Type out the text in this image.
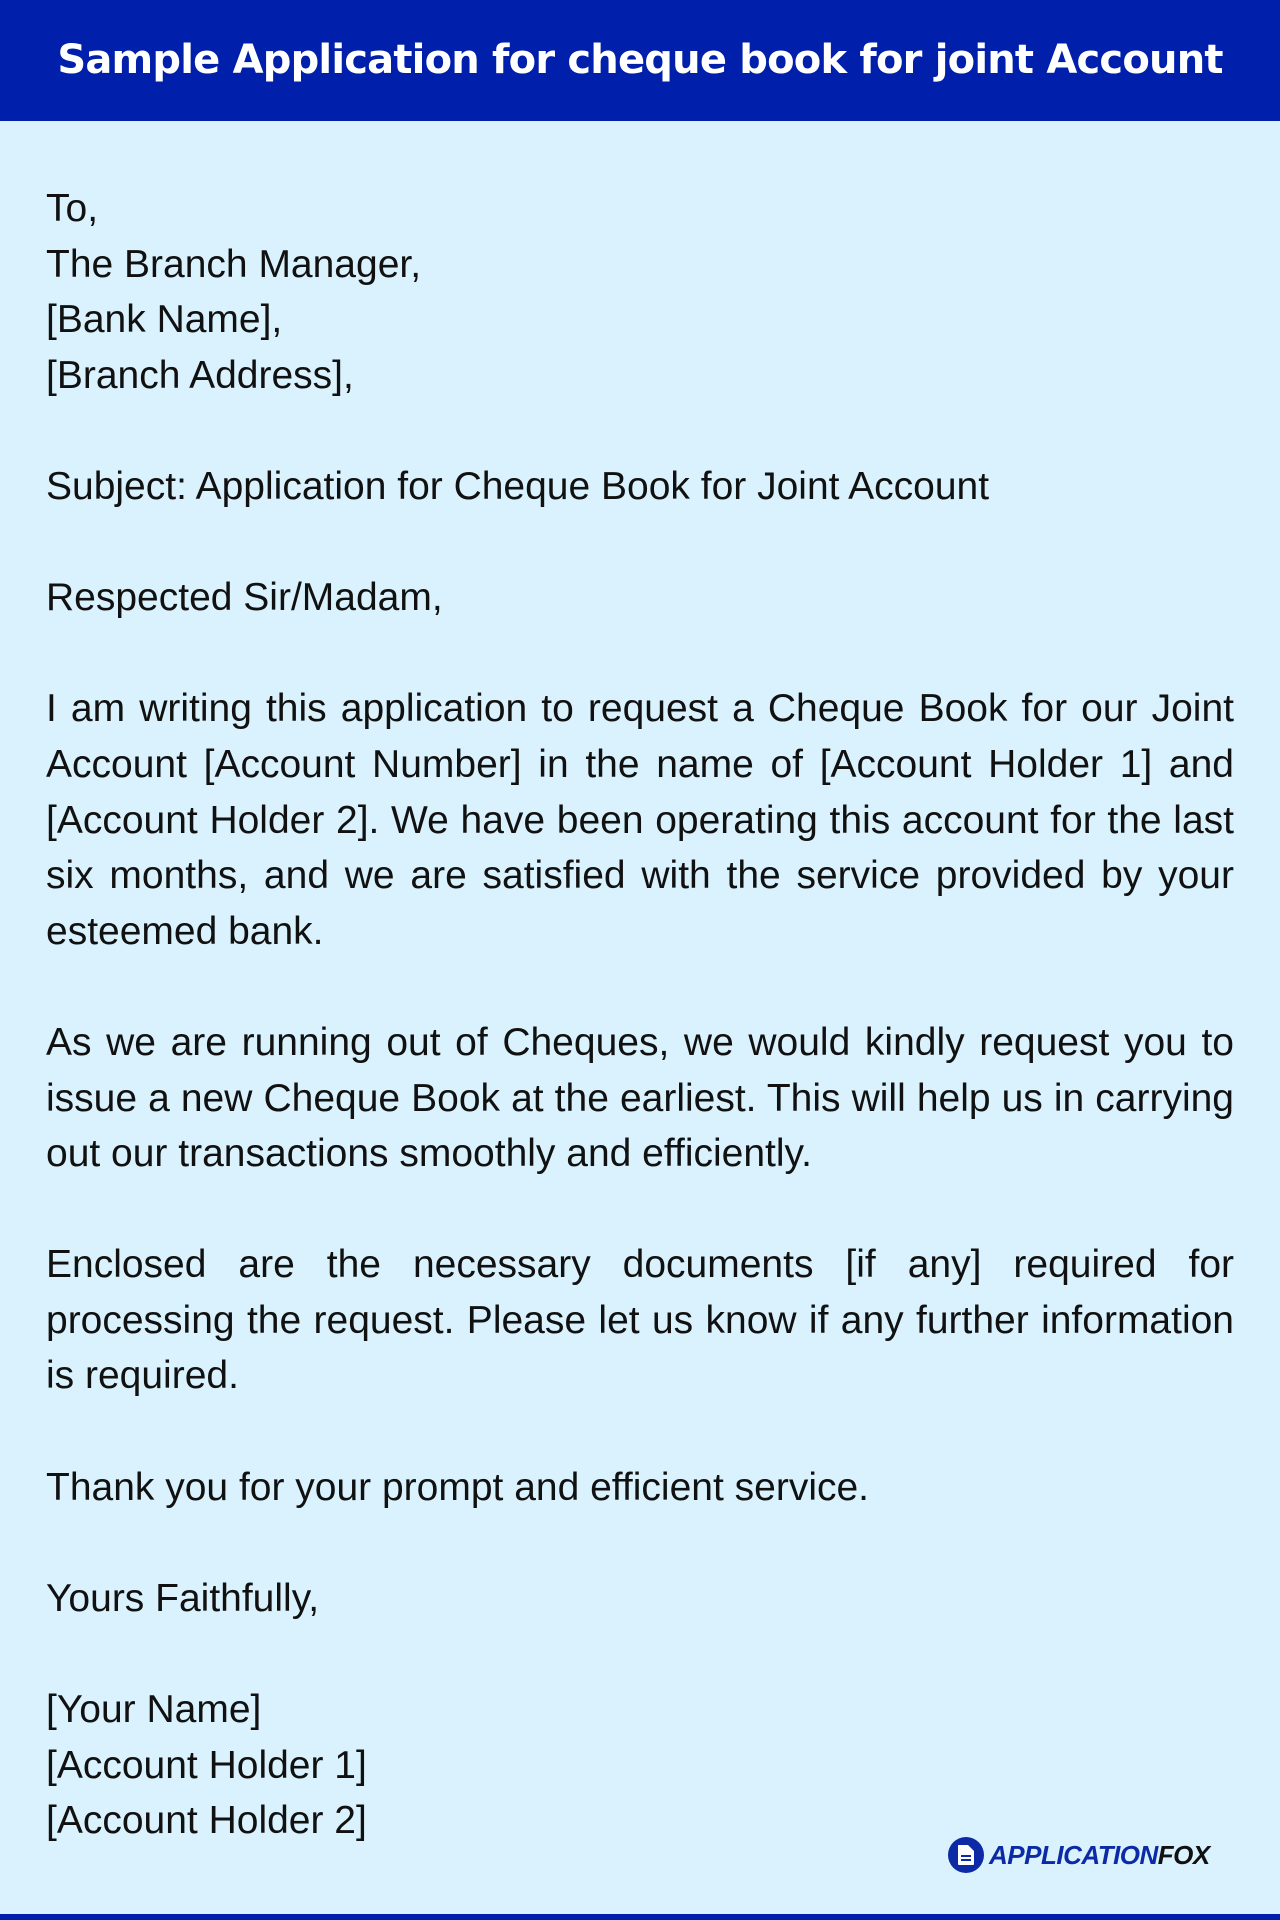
Sample Application for cheque book for joint Account
To,
The Branch Manager,
[Bank Name],
[Branch Address],
Subject: Application for Cheque Book for Joint Account
Respected Sir/Madam,

I am writing this application to request a Cheque Book for our Joint Account [Account Number] in the name of [Account Holder 1] and [Account Holder 2]. We have been operating this account for the last six months, and we are satisfied with the service provided by your esteemed bank.

As we are running out of Cheques, we would kindly request you to issue a new Cheque Book at the earliest. This will help us in carrying out our transactions smoothly and efficiently.

Enclosed are the necessary documents [if any] required for processing the request. Please let us know if any further information is required.

Thank you for your prompt and efficient service.

Yours Faithfully,
[Your Name]
[Account Holder 1]
[Account Holder 2]
APPLICATIONFOX
